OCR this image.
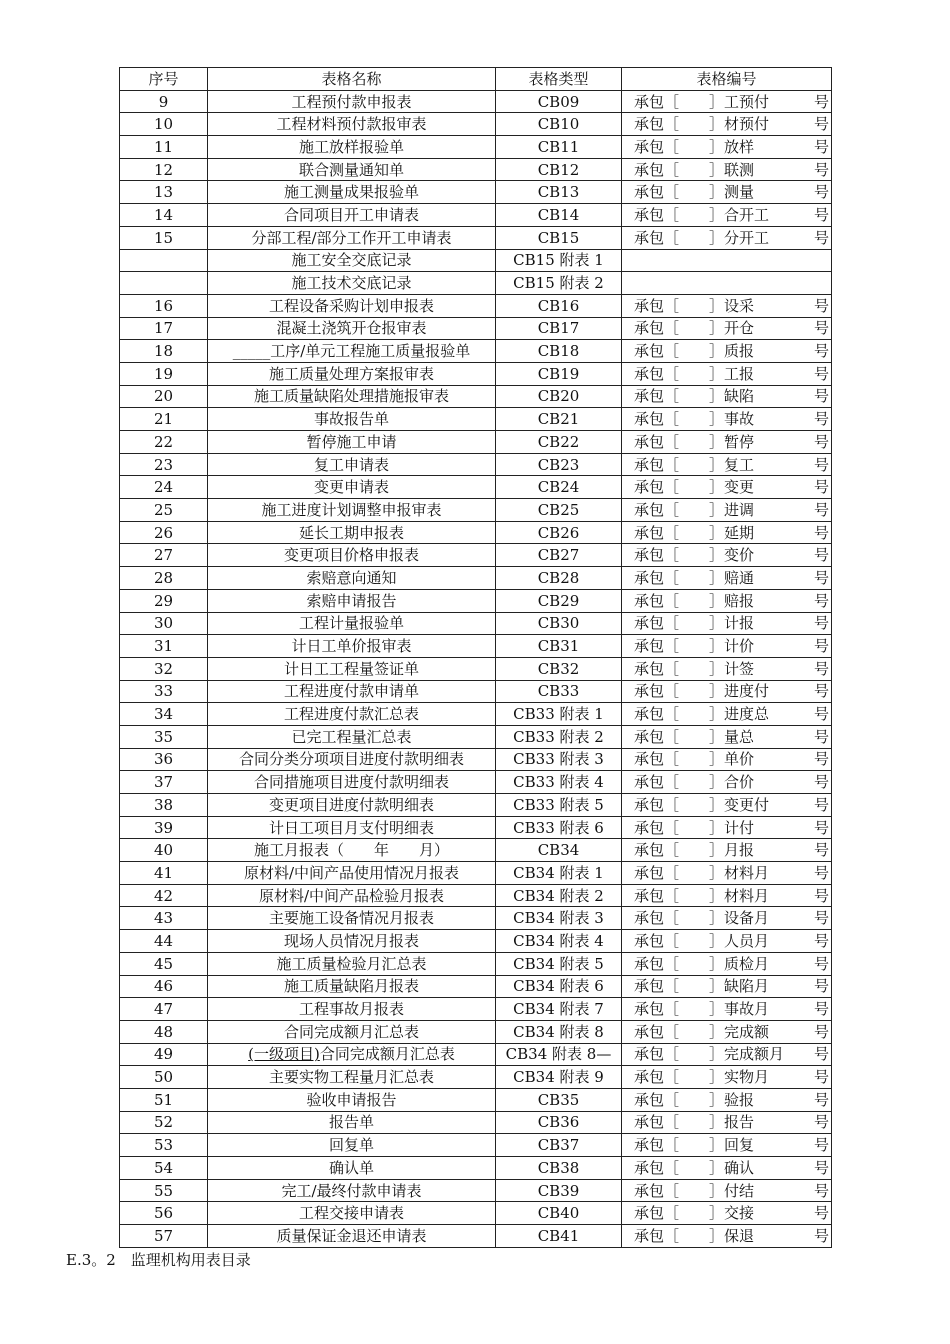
序号	表格名称	表格类型	表格编号
9	工程预付款申报表	CB09	承包［　　］工预付 号

10	工程材料预付款报审表	CB10	承包［　　］材预付 号

11	施工放样报验单	CB11	承包［　　］放样 号

12	联合测量通知单	CB12	承包［　　］联测 号

13	施工测量成果报验单	CB13	承包［　　］测量 号

14	合同项目开工申请表	CB14	承包［　　］合开工 号

15	分部工程/部分工作开工申请表	CB15	承包［　　］分开工 号

	施工安全交底记录	CB15 附表 1	

	施工技术交底记录	CB15 附表 2	

16	工程设备采购计划申报表	CB16	承包［　　］设采 号

17	混凝土浇筑开仓报审表	CB17	承包［　　］开仓 号

18	_____工序/单元工程施工质量报验单	CB18	承包［　　］质报 号

19	施工质量处理方案报审表	CB19	承包［　　］工报 号

20	施工质量缺陷处理措施报审表	CB20	承包［　　］缺陷 号

21	事故报告单	CB21	承包［　　］事故 号

22	暂停施工申请	CB22	承包［　　］暂停 号

23	复工申请表	CB23	承包［　　］复工 号

24	变更申请表	CB24	承包［　　］变更 号

25	施工进度计划调整申报审表	CB25	承包［　　］进调 号

26	延长工期申报表	CB26	承包［　　］延期 号

27	变更项目价格申报表	CB27	承包［　　］变价 号

28	索赔意向通知	CB28	承包［　　］赔通 号

29	索赔申请报告	CB29	承包［　　］赔报 号

30	工程计量报验单	CB30	承包［　　］计报 号

31	计日工单价报审表	CB31	承包［　　］计价 号

32	计日工工程量签证单	CB32	承包［　　］计签 号

33	工程进度付款申请单	CB33	承包［　　］进度付 号

34	工程进度付款汇总表	CB33 附表 1	承包［　　］进度总 号

35	已完工程量汇总表	CB33 附表 2	承包［　　］量总 号

36	合同分类分项项目进度付款明细表	CB33 附表 3	承包［　　］单价 号

37	合同措施项目进度付款明细表	CB33 附表 4	承包［　　］合价 号

38	变更项目进度付款明细表	CB33 附表 5	承包［　　］变更付 号

39	计日工项目月支付明细表	CB33 附表 6	承包［　　］计付 号

40	施工月报表（　　年　　月）	CB34	承包［　　］月报 号

41	原材料/中间产品使用情况月报表	CB34 附表 1	承包［　　］材料月 号

42	原材料/中间产品检验月报表	CB34 附表 2	承包［　　］材料月 号

43	主要施工设备情况月报表	CB34 附表 3	承包［　　］设备月 号

44	现场人员情况月报表	CB34 附表 4	承包［　　］人员月 号

45	施工质量检验月汇总表	CB34 附表 5	承包［　　］质检月 号

46	施工质量缺陷月报表	CB34 附表 6	承包［　　］缺陷月 号

47	工程事故月报表	CB34 附表 7	承包［　　］事故月 号

48	合同完成额月汇总表	CB34 附表 8	承包［　　］完成额 号

49	(一级项目)合同完成额月汇总表	CB34 附表 8—	承包［　　］完成额月 号

50	主要实物工程量月汇总表	CB34 附表 9	承包［　　］实物月 号

51	验收申请报告	CB35	承包［　　］验报 号

52	报告单	CB36	承包［　　］报告 号

53	回复单	CB37	承包［　　］回复 号

54	确认单	CB38	承包［　　］确认 号

55	完工/最终付款申请表	CB39	承包［　　］付结 号

56	工程交接申请表	CB40	承包［　　］交接 号

57	质量保证金退还申请表	CB41	承包［　　］保退 号
E.3。2　监理机构用表目录
